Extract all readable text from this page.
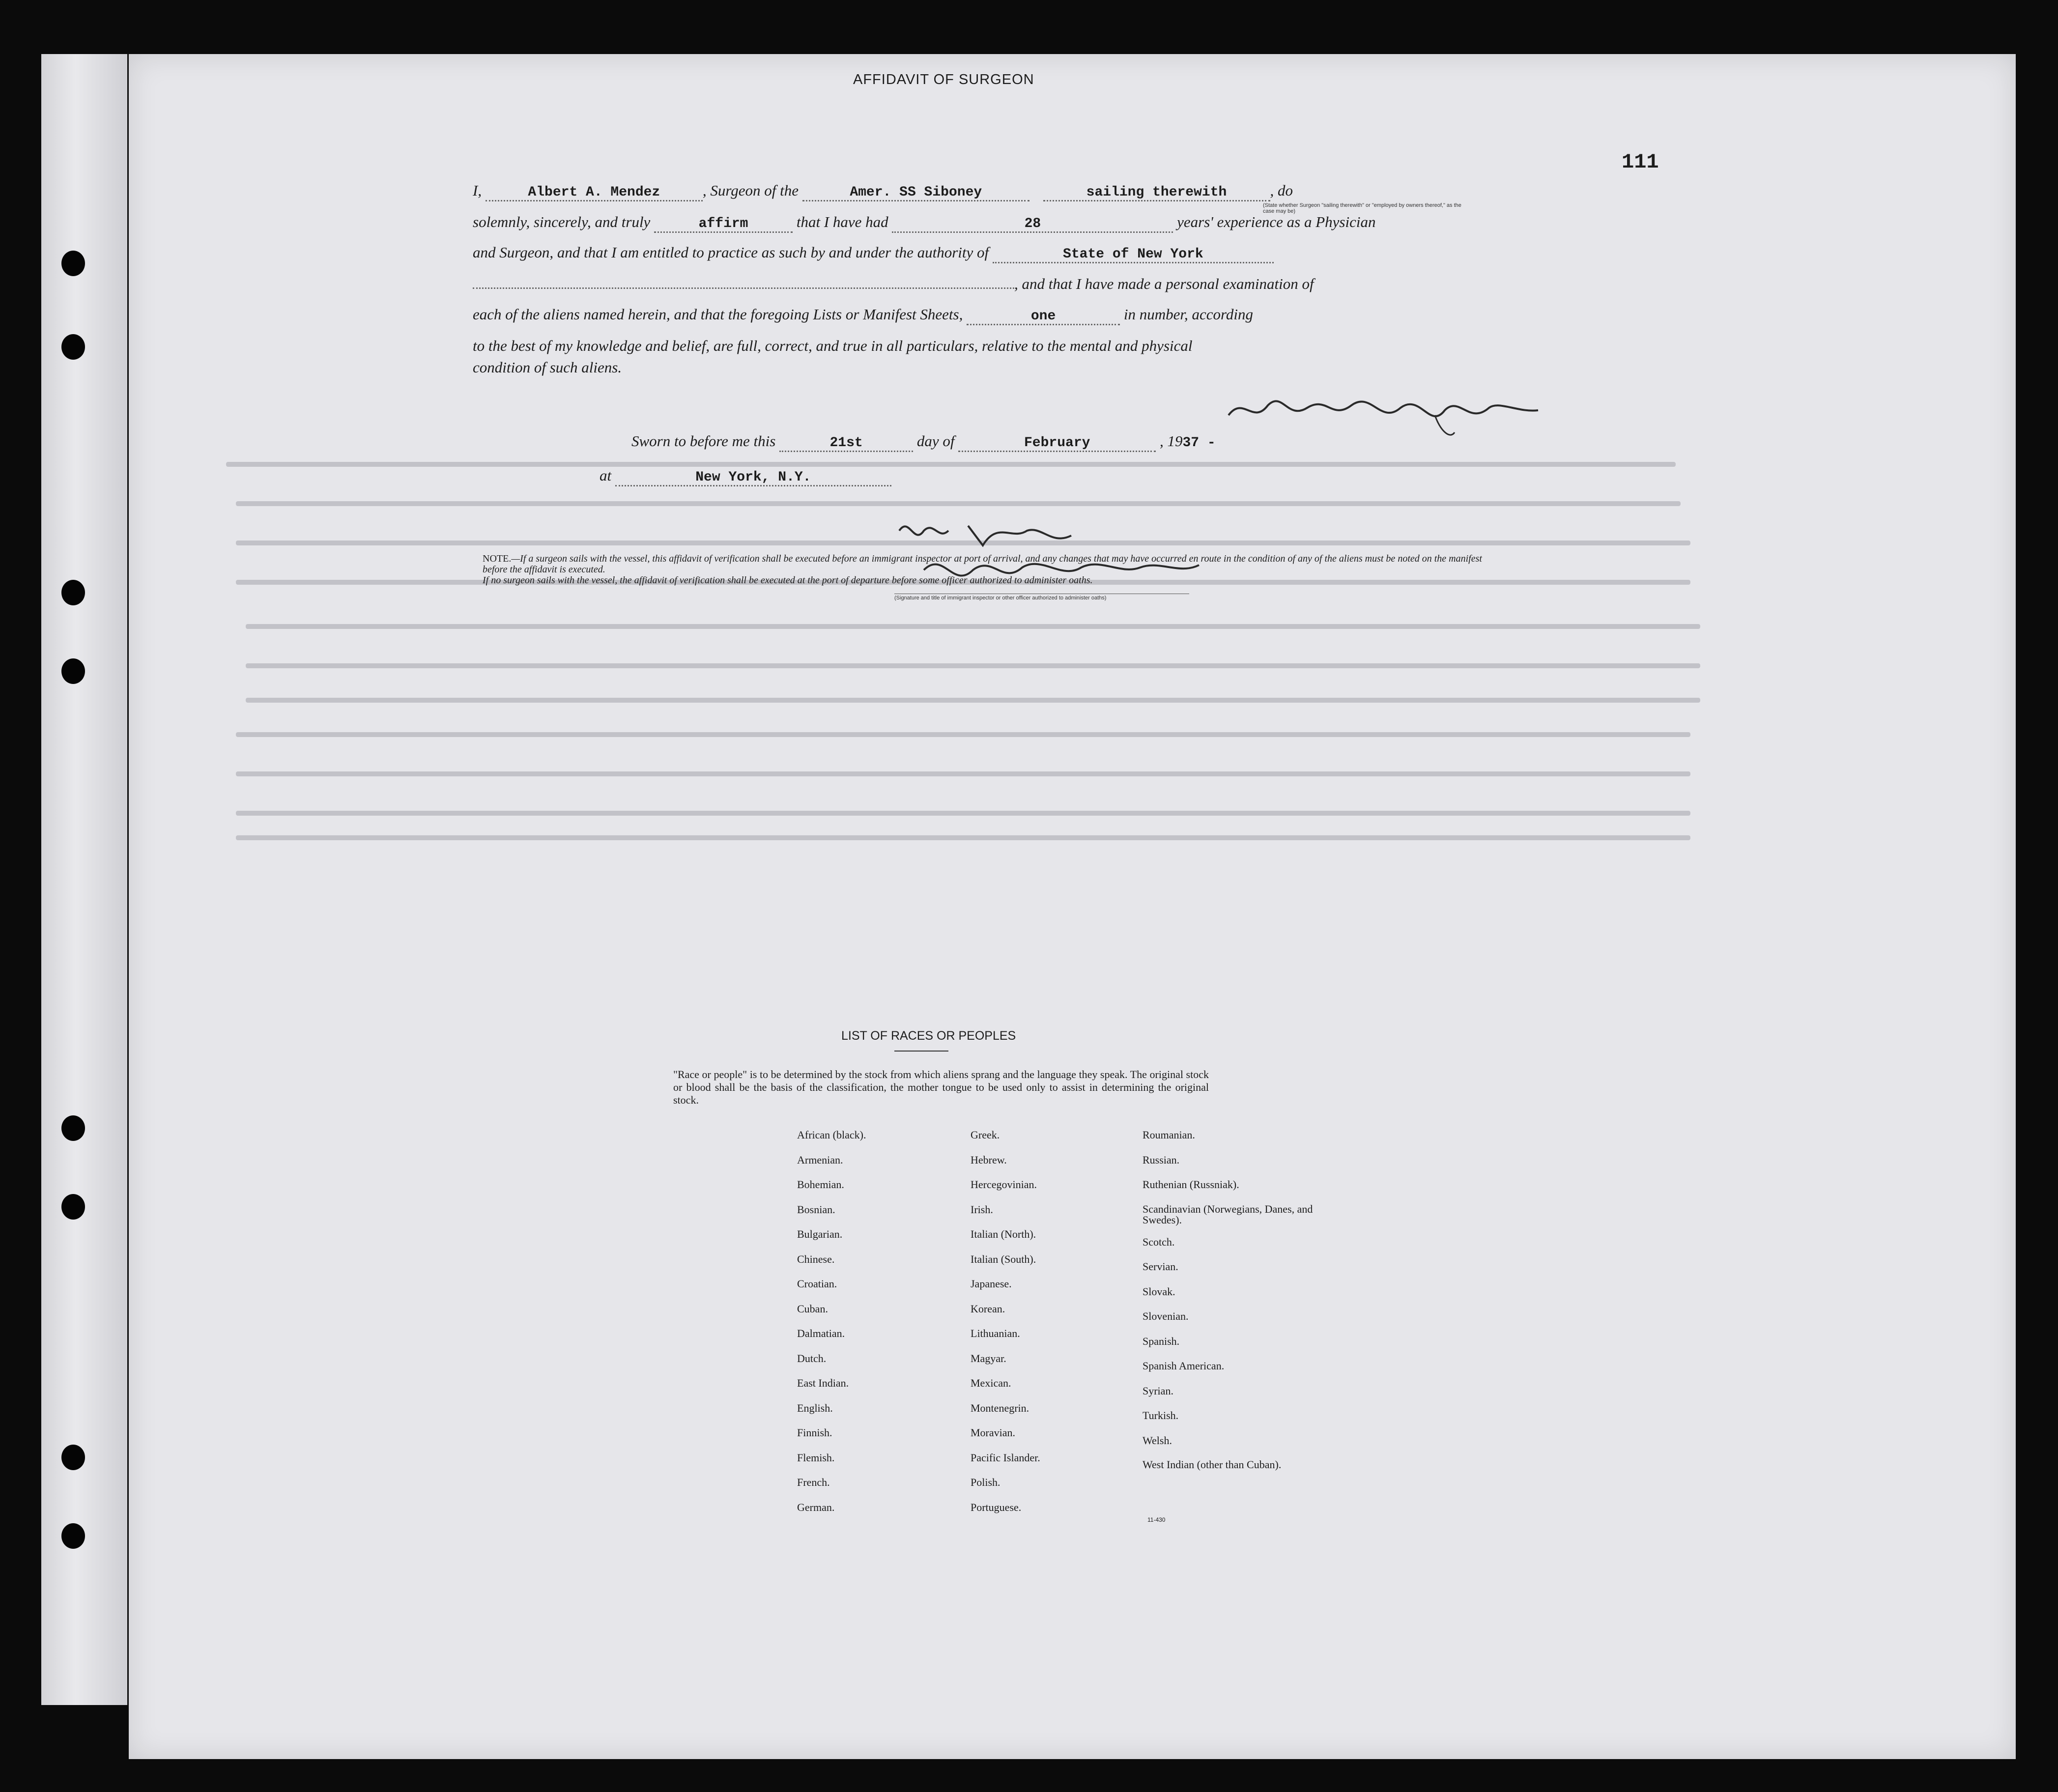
111
AFFIDAVIT OF SURGEON
I,	Albert A. Mendez	, Surgeon of the	Amer. SS Siboney	sailing therewith	, do
(State whether Surgeon "sailing therewith" or "employed by owners thereof," as the case may be)
solemnly, sincerely, and truly	affirm	that I have had	28	years' experience as a Physician
and Surgeon, and that I am entitled to practice as such by and under the authority of	State of New York
, and that I have made a personal examination of
each of the aliens named herein, and that the foregoing Lists or Manifest Sheets,	one	in number, according
to the best of my knowledge and belief, are full, correct, and true in all particulars, relative to the mental and physical
condition of such aliens.
Sworn to before me this	21st	day of	February	, 1937 -
at	New York, N.Y.
(Signature and title of immigrant inspector or other officer authorized to administer oaths)
NOTE.—If a surgeon sails with the vessel, this affidavit of verification shall be executed before an immigrant inspector at port of arrival, and any changes that may have occurred en route in the condition of any of the aliens must be noted on the manifest before the affidavit is executed.
If no surgeon sails with the vessel, the affidavit of verification shall be executed at the port of departure before some officer authorized to administer oaths.
LIST OF RACES OR PEOPLES
"Race or people" is to be determined by the stock from which aliens sprang and the language they speak. The original stock or blood shall be the basis of the classification, the mother tongue to be used only to assist in determining the original stock.
African (black).
Armenian.
Bohemian.
Bosnian.
Bulgarian.
Chinese.
Croatian.
Cuban.
Dalmatian.
Dutch.
East Indian.
English.
Finnish.
Flemish.
French.
German.
Greek.
Hebrew.
Hercegovinian.
Irish.
Italian (North).
Italian (South).
Japanese.
Korean.
Lithuanian.
Magyar.
Mexican.
Montenegrin.
Moravian.
Pacific Islander.
Polish.
Portuguese.
Roumanian.
Russian.
Ruthenian (Russniak).
Scandinavian (Norwegians, Danes, and Swedes).
Scotch.
Servian.
Slovak.
Slovenian.
Spanish.
Spanish American.
Syrian.
Turkish.
Welsh.
West Indian (other than Cuban).
11-430
